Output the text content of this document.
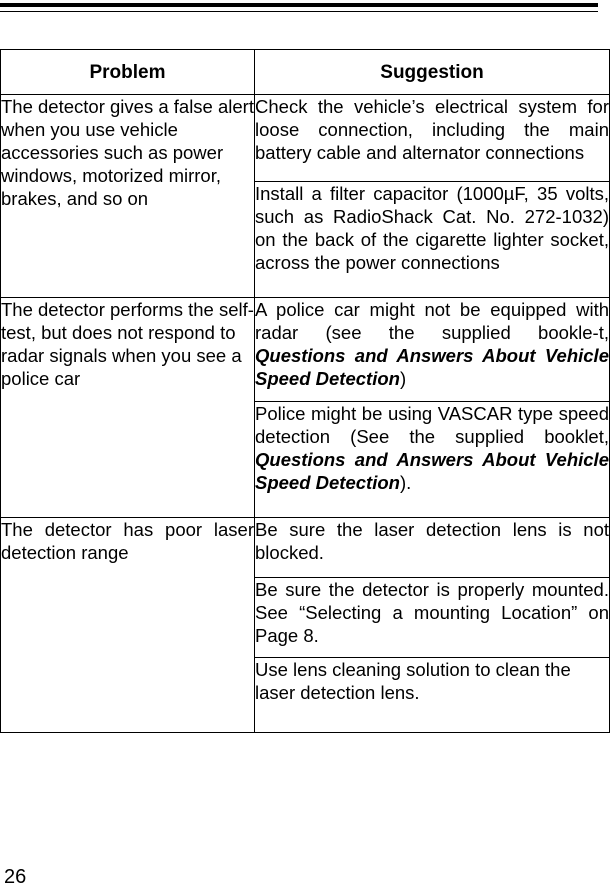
Problem	Suggestion
The detector gives a false alert when you use vehicle accessories such as power windows, motorized mirror, brakes, and so on	Check the vehicle’s electrical system for loose connection, including the main battery cable and alternator connections
	Install a filter capacitor (1000µF, 35 volts, such as RadioShack Cat. No. 272-1032) on the back of the cigarette lighter socket, across the power connections
The detector performs the self-test, but does not respond to radar signals when you see a police car	A police car might not be equipped with radar (see the supplied bookle-t, Questions and Answers About Vehicle Speed Detection)
	Police might be using VASCAR type speed detection (See the supplied booklet, Questions and Answers About Vehicle Speed Detection).
The detector has poor laser detection range	Be sure the laser detection lens is not blocked.
	Be sure the detector is properly mounted. See “Selecting a mounting Location” on Page 8.
	Use lens cleaning solution to clean the laser detection lens.
26
